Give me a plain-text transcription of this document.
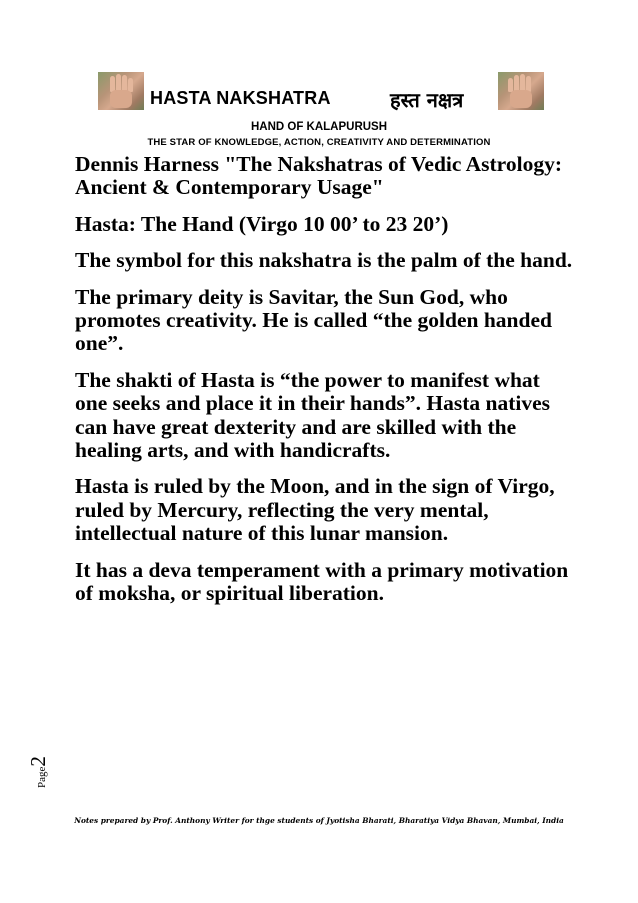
HASTA NAKSHATRA	हस्त नक्षत्र
HAND OF KALAPURUSH
THE STAR OF KNOWLEDGE, ACTION, CREATIVITY AND DETERMINATION

Dennis Harness "The Nakshatras of Vedic Astrology: Ancient & Contemporary Usage"

Hasta: The Hand (Virgo 10 00’ to 23 20’)

The symbol for this nakshatra is the palm of the hand.

The primary deity is Savitar, the Sun God, who promotes creativity. He is called “the golden handed one”.

The shakti of Hasta is “the power to manifest what one seeks and place it in their hands”. Hasta natives can have great dexterity and are skilled with the healing arts, and with handicrafts.

Hasta is ruled by the Moon, and in the sign of Virgo, ruled by Mercury, reflecting the very mental, intellectual nature of this lunar mansion.

It has a deva temperament with a primary motivation of moksha, or spiritual liberation.

Page2
Notes prepared by Prof. Anthony Writer for thge students of Jyotisha Bharati, Bharatiya Vidya Bhavan, Mumbai, India
